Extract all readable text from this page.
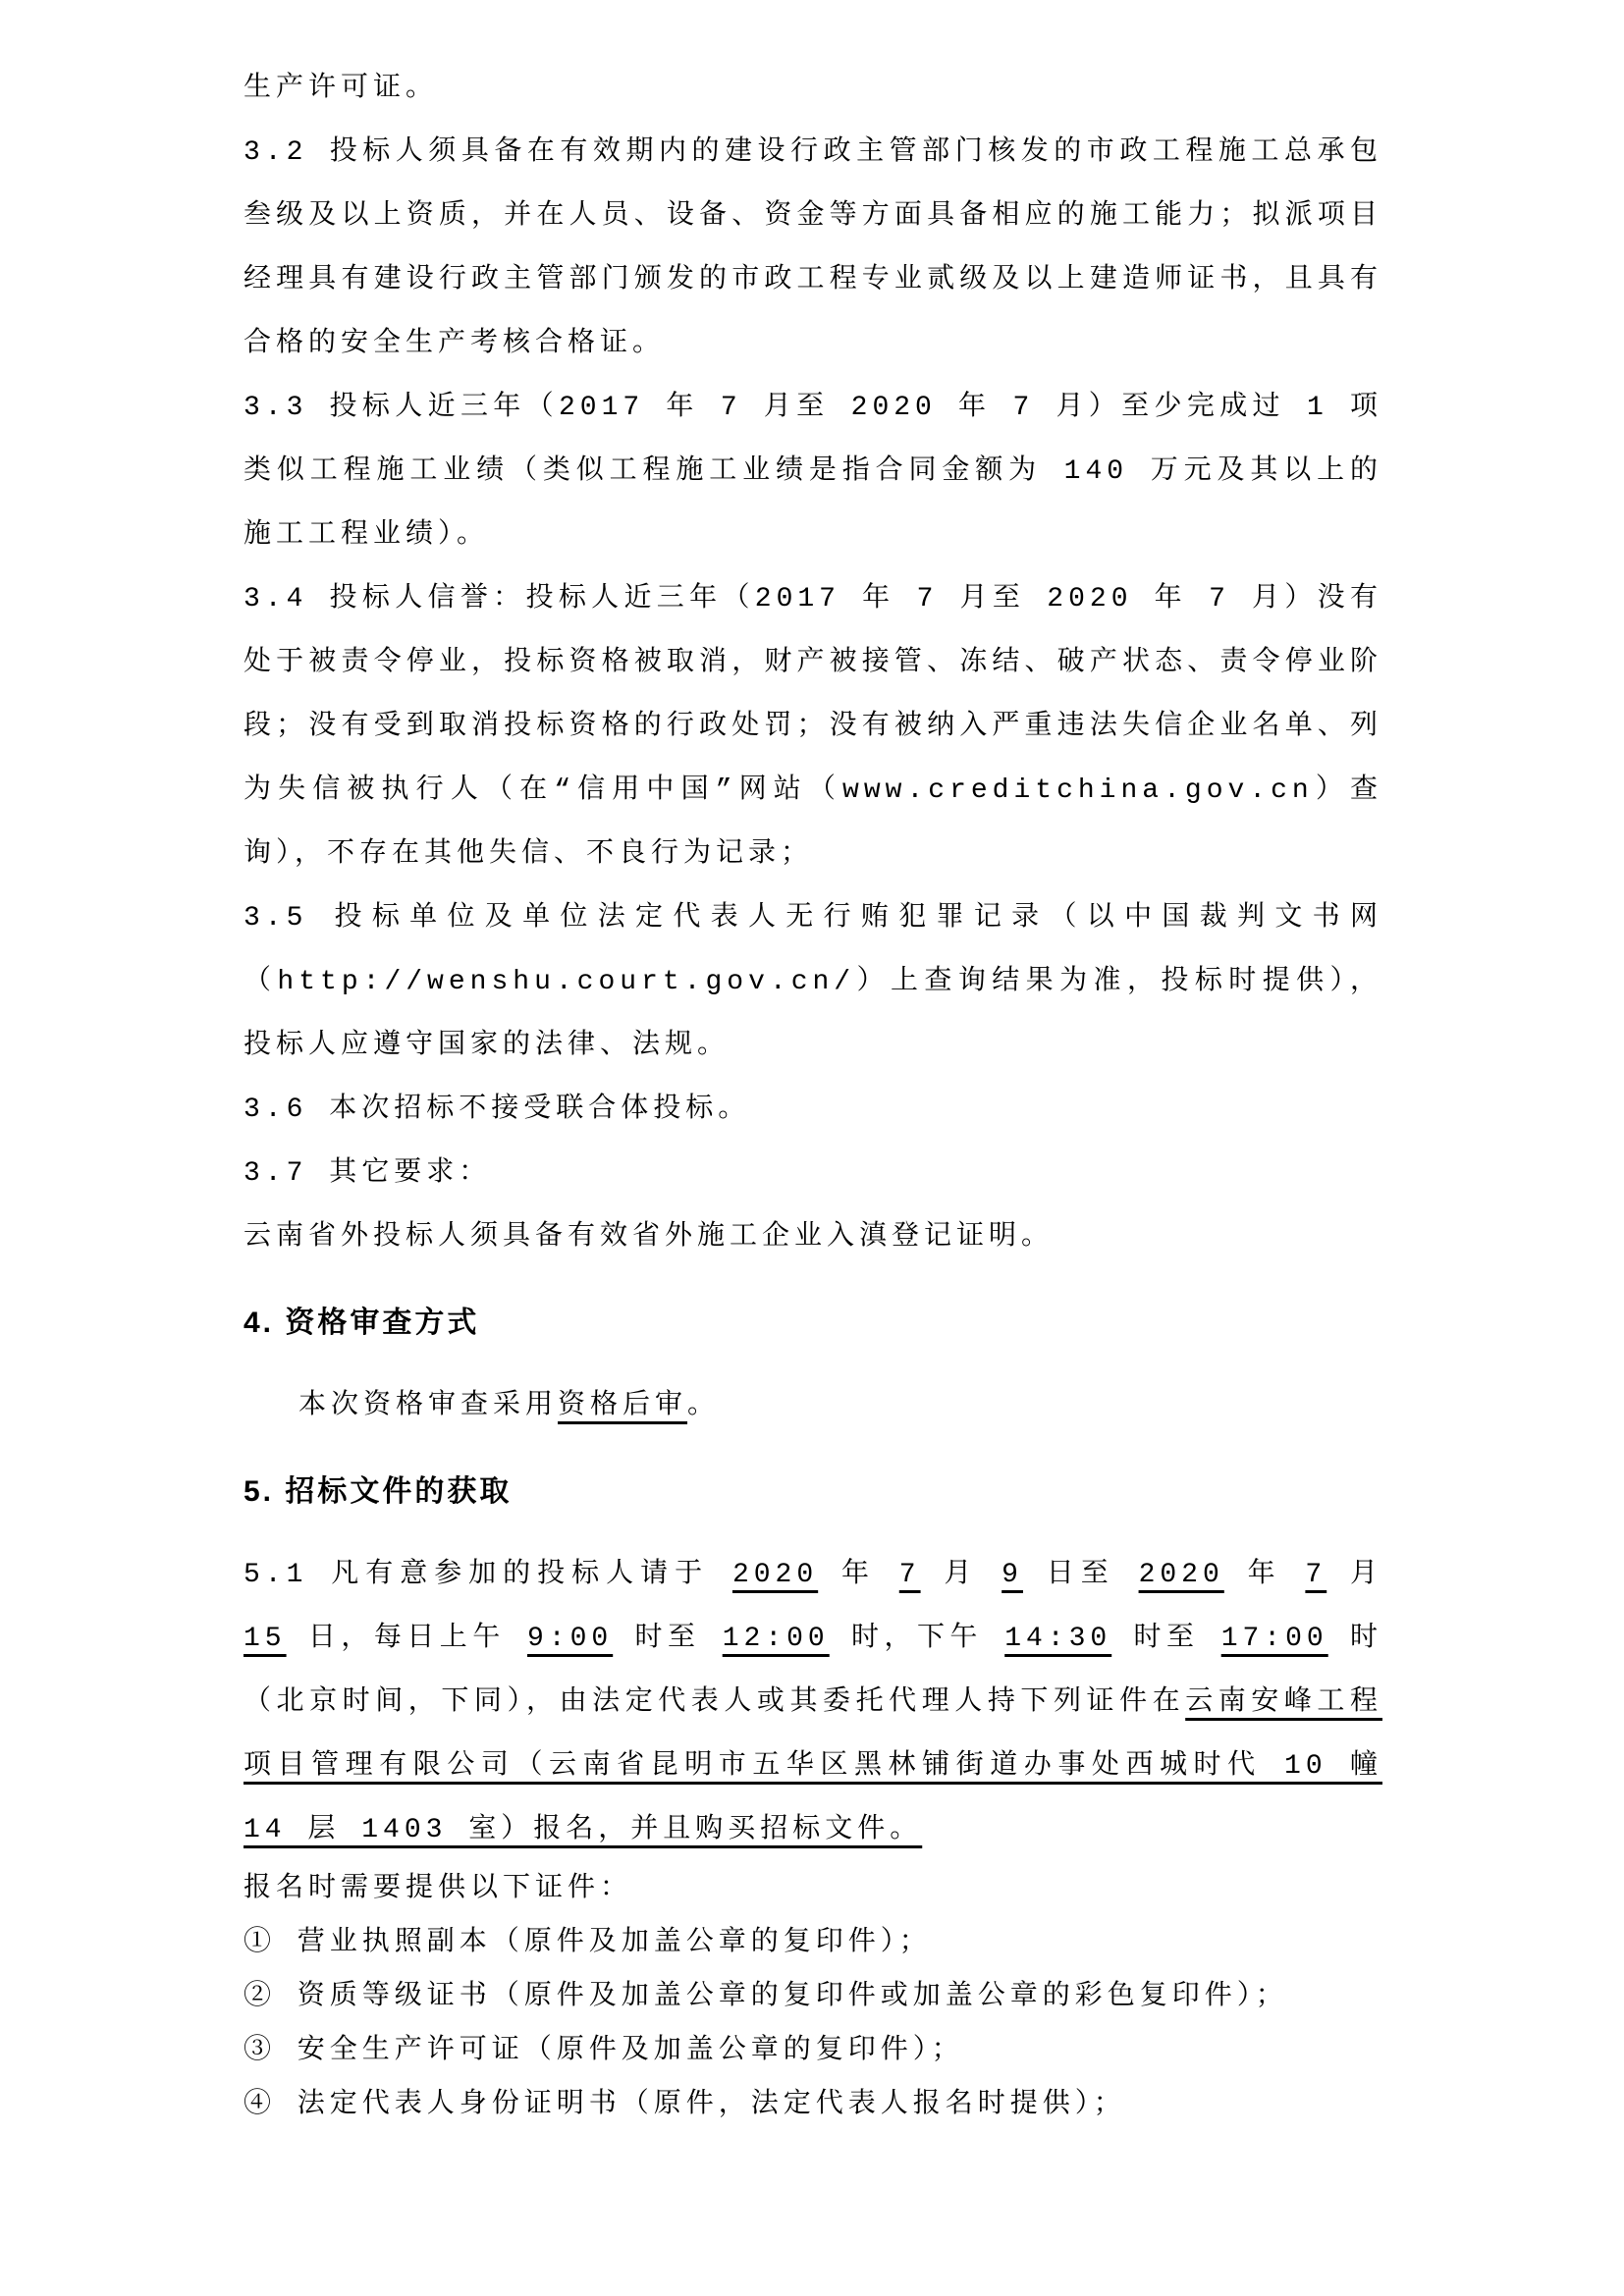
生产许可证。
3.2 投标人须具备在有效期内的建设行政主管部门核发的市政工程施工总承包叁级及以上资质，并在人员、设备、资金等方面具备相应的施工能力；拟派项目经理具有建设行政主管部门颁发的市政工程专业贰级及以上建造师证书，且具有合格的安全生产考核合格证。
3.3 投标人近三年（2017 年 7 月至 2020 年 7 月）至少完成过 1 项类似工程施工业绩（类似工程施工业绩是指合同金额为 140 万元及其以上的施工工程业绩）。
3.4 投标人信誉：投标人近三年（2017 年 7 月至 2020 年 7 月）没有处于被责令停业，投标资格被取消，财产被接管、冻结、破产状态、责令停业阶段；没有受到取消投标资格的行政处罚；没有被纳入严重违法失信企业名单、列为失信被执行人（在“信用中国”网站（www.creditchina.gov.cn）查询），不存在其他失信、不良行为记录；
3.5 投标单位及单位法定代表人无行贿犯罪记录（以中国裁判文书网（http://wenshu.court.gov.cn/）上查询结果为准，投标时提供），投标人应遵守国家的法律、法规。
3.6 本次招标不接受联合体投标。
3.7 其它要求：
云南省外投标人须具备有效省外施工企业入滇登记证明。
4. 资格审查方式
本次资格审查采用资格后审。
5. 招标文件的获取
5.1 凡有意参加的投标人请于 2020 年 7 月 9 日至 2020 年 7 月 15 日，每日上午 9:00 时至 12:00 时，下午 14:30 时至 17:00 时（北京时间，下同），由法定代表人或其委托代理人持下列证件在云南安峰工程项目管理有限公司（云南省昆明市五华区黑林铺街道办事处西城时代 10 幢 14 层 1403 室）报名，并且购买招标文件。
报名时需要提供以下证件：
① 营业执照副本（原件及加盖公章的复印件）；
② 资质等级证书（原件及加盖公章的复印件或加盖公章的彩色复印件）；
③ 安全生产许可证（原件及加盖公章的复印件）；
④ 法定代表人身份证明书（原件，法定代表人报名时提供）；
